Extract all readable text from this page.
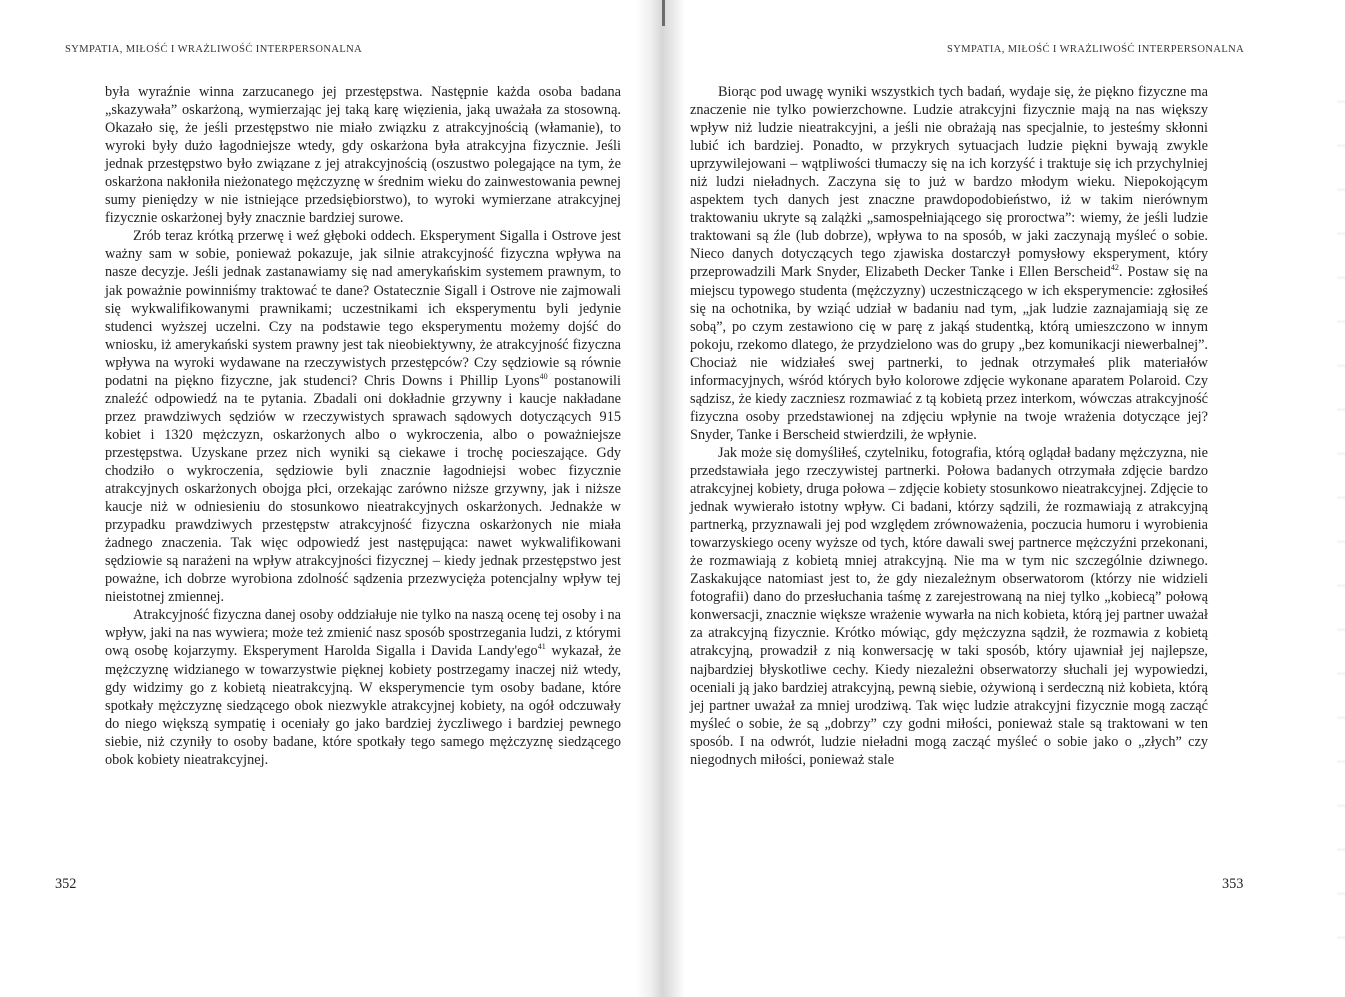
SYMPATIA, MIŁOŚĆ I WRAŻLIWOŚĆ INTERPERSONALNA	SYMPATIA, MIŁOŚĆ I WRAŻLIWOŚĆ INTERPERSONALNA

była wyraźnie winna zarzucanego jej przestępstwa. Następnie każda osoba badana „skazywała” oskarżoną, wymierzając jej taką karę więzienia, jaką uważała za stosowną. Okazało się, że jeśli przestępstwo nie miało związku z atrakcyjnością (włamanie), to wyroki były dużo łagodniejsze wtedy, gdy oskarżona była atrakcyjna fizycznie. Jeśli jednak przestępstwo było związane z jej atrakcyjnością (oszustwo polegające na tym, że oskarżona nakłoniła nieżonatego mężczyznę w średnim wieku do zainwestowania pewnej sumy pieniędzy w nie istniejące przedsiębiorstwo), to wyroki wymierzane atrakcyjnej fizycznie oskarżonej były znacznie bardziej surowe.

Zrób teraz krótką przerwę i weź głęboki oddech. Eksperyment Sigalla i Ostrove jest ważny sam w sobie, ponieważ pokazuje, jak silnie atrakcyjność fizyczna wpływa na nasze decyzje. Jeśli jednak zastanawiamy się nad amerykańskim systemem prawnym, to jak poważnie powinniśmy traktować te dane? Ostatecznie Sigall i Ostrove nie zajmowali się wykwalifikowanymi prawnikami; uczestnikami ich eksperymentu byli jedynie studenci wyższej uczelni. Czy na podstawie tego eksperymentu możemy dojść do wniosku, iż amerykański system prawny jest tak nieobiektywny, że atrakcyjność fizyczna wpływa na wyroki wydawane na rzeczywistych przestępców? Czy sędziowie są równie podatni na piękno fizyczne, jak studenci? Chris Downs i Phillip Lyons$^{40}$ postanowili znaleźć odpowiedź na te pytania. Zbadali oni dokładnie grzywny i kaucje nakładane przez prawdziwych sędziów w rzeczywistych sprawach sądowych dotyczących 915 kobiet i 1320 mężczyzn, oskarżonych albo o wykroczenia, albo o poważniejsze przestępstwa. Uzyskane przez nich wyniki są ciekawe i trochę pocieszające. Gdy chodziło o wykroczenia, sędziowie byli znacznie łagodniejsi wobec fizycznie atrakcyjnych oskarżonych obojga płci, orzekając zarówno niższe grzywny, jak i niższe kaucje niż w odniesieniu do stosunkowo nieatrakcyjnych oskarżonych. Jednakże w przypadku prawdziwych przestępstw atrakcyjność fizyczna oskarżonych nie miała żadnego znaczenia. Tak więc odpowiedź jest następująca: nawet wykwalifikowani sędziowie są narażeni na wpływ atrakcyjności fizycznej – kiedy jednak przestępstwo jest poważne, ich dobrze wyrobiona zdolność sądzenia przezwycięża potencjalny wpływ tej nieistotnej zmiennej.

Atrakcyjność fizyczna danej osoby oddziałuje nie tylko na naszą ocenę tej osoby i na wpływ, jaki na nas wywiera; może też zmienić nasz sposób spostrzegania ludzi, z którymi ową osobę kojarzymy. Eksperyment Harolda Sigalla i Davida Landy'ego$^{41}$ wykazał, że mężczyznę widzianego w towarzystwie pięknej kobiety postrzegamy inaczej niż wtedy, gdy widzimy go z kobietą nieatrakcyjną. W eksperymencie tym osoby badane, które spotkały mężczyznę siedzącego obok niezwykle atrakcyjnej kobiety, na ogół odczuwały do niego większą sympatię i oceniały go jako bardziej życzliwego i bardziej pewnego siebie, niż czyniły to osoby badane, które spotkały tego samego mężczyznę siedzącego obok kobiety nieatrakcyjnej.

Biorąc pod uwagę wyniki wszystkich tych badań, wydaje się, że piękno fizyczne ma znaczenie nie tylko powierzchowne. Ludzie atrakcyjni fizycznie mają na nas większy wpływ niż ludzie nieatrakcyjni, a jeśli nie obrażają nas specjalnie, to jesteśmy skłonni lubić ich bardziej. Ponadto, w przykrych sytuacjach ludzie piękni bywają zwykle uprzywilejowani – wątpliwości tłumaczy się na ich korzyść i traktuje się ich przychylniej niż ludzi nieładnych. Zaczyna się to już w bardzo młodym wieku. Niepokojącym aspektem tych danych jest znaczne prawdopodobieństwo, iż w takim nierównym traktowaniu ukryte są zalążki „samospełniającego się proroctwa”: wiemy, że jeśli ludzie traktowani są źle (lub dobrze), wpływa to na sposób, w jaki zaczynają myśleć o sobie. Nieco danych dotyczących tego zjawiska dostarczył pomysłowy eksperyment, który przeprowadzili Mark Snyder, Elizabeth Decker Tanke i Ellen Berscheid$^{42}$. Postaw się na miejscu typowego studenta (mężczyzny) uczestniczącego w ich eksperymencie: zgłosiłeś się na ochotnika, by wziąć udział w badaniu nad tym, „jak ludzie zaznajamiają się ze sobą”, po czym zestawiono cię w parę z jakąś studentką, którą umieszczono w innym pokoju, rzekomo dlatego, że przydzielono was do grupy „bez komunikacji niewerbalnej”. Chociaż nie widziałeś swej partnerki, to jednak otrzymałeś plik materiałów informacyjnych, wśród których było kolorowe zdjęcie wykonane aparatem Polaroid. Czy sądzisz, że kiedy zaczniesz rozmawiać z tą kobietą przez interkom, wówczas atrakcyjność fizyczna osoby przedstawionej na zdjęciu wpłynie na twoje wrażenia dotyczące jej? Snyder, Tanke i Berscheid stwierdzili, że wpłynie.

Jak może się domyśliłeś, czytelniku, fotografia, którą oglądał badany mężczyzna, nie przedstawiała jego rzeczywistej partnerki. Połowa badanych otrzymała zdjęcie bardzo atrakcyjnej kobiety, druga połowa – zdjęcie kobiety stosunkowo nieatrakcyjnej. Zdjęcie to jednak wywierało istotny wpływ. Ci badani, którzy sądzili, że rozmawiają z atrakcyjną partnerką, przyznawali jej pod względem zrównoważenia, poczucia humoru i wyrobienia towarzyskiego oceny wyższe od tych, które dawali swej partnerce mężczyźni przekonani, że rozmawiają z kobietą mniej atrakcyjną. Nie ma w tym nic szczególnie dziwnego. Zaskakujące natomiast jest to, że gdy niezależnym obserwatorom (którzy nie widzieli fotografii) dano do przesłuchania taśmę z zarejestrowaną na niej tylko „kobiecą” połową konwersacji, znacznie większe wrażenie wywarła na nich kobieta, którą jej partner uważał za atrakcyjną fizycznie. Krótko mówiąc, gdy mężczyzna sądził, że rozmawia z kobietą atrakcyjną, prowadził z nią konwersację w taki sposób, który ujawniał jej najlepsze, najbardziej błyskotliwe cechy. Kiedy niezależni obserwatorzy słuchali jej wypowiedzi, oceniali ją jako bardziej atrakcyjną, pewną siebie, ożywioną i serdeczną niż kobieta, którą jej partner uważał za mniej urodziwą. Tak więc ludzie atrakcyjni fizycznie mogą zacząć myśleć o sobie, że są „dobrzy” czy godni miłości, ponieważ stale są traktowani w ten sposób. I na odwrót, ludzie nieładni mogą zacząć myśleć o sobie jako o „złych” czy niegodnych miłości, ponieważ stale

352	353
